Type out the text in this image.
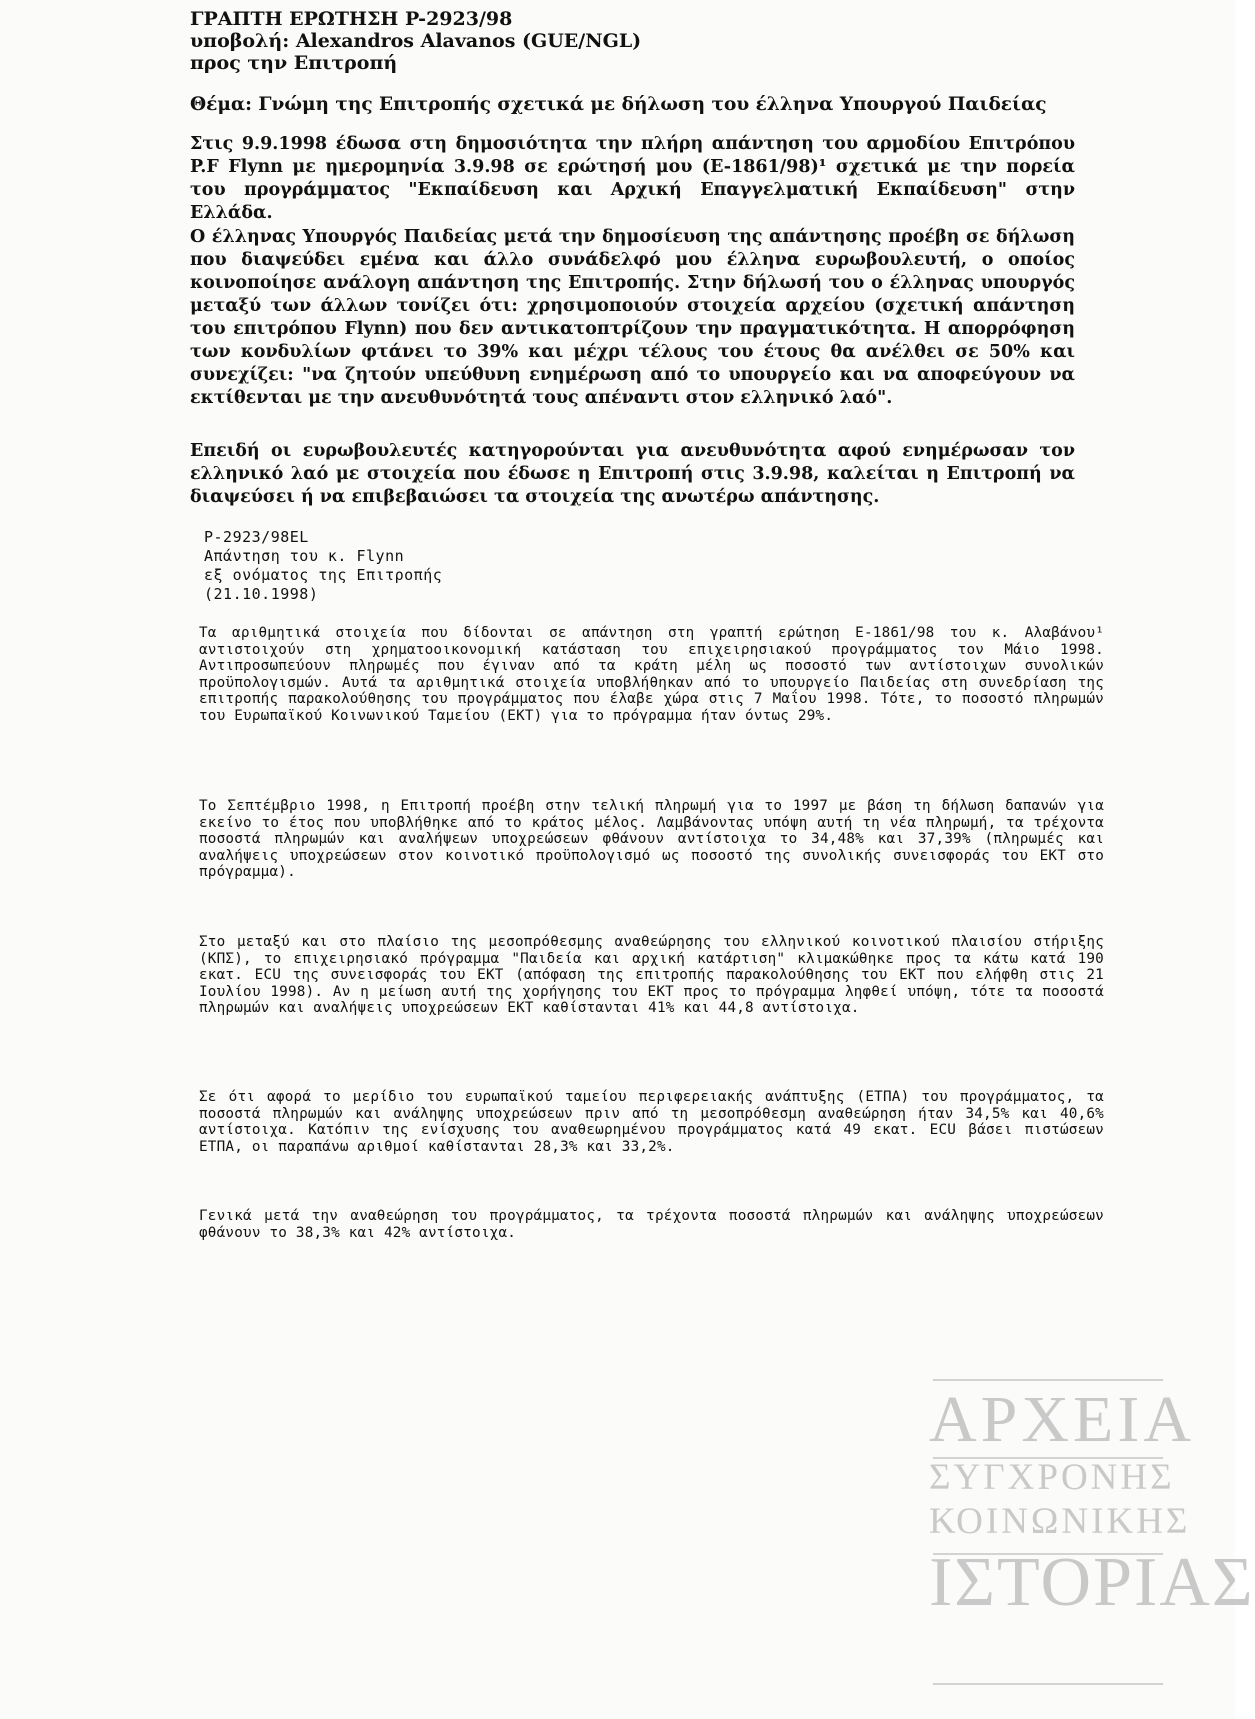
ΓΡΑΠΤΗ ΕΡΩΤΗΣΗ P-2923/98
υποβολή: Alexandros Alavanos (GUE/NGL)
προς την Επιτροπή
Θέμα: Γνώμη της Επιτροπής σχετικά με δήλωση του έλληνα Υπουργού Παιδείας

Στις 9.9.1998 έδωσα στη δημοσιότητα την πλήρη απάντηση του αρμοδίου Επιτρόπου P.F Flynn με ημερομηνία 3.9.98 σε ερώτησή μου (E-1861/98)¹ σχετικά με την πορεία του προγράμματος "Εκπαίδευση και Αρχική Επαγγελματική Εκπαίδευση" στην Ελλάδα.

Ο έλληνας Υπουργός Παιδείας μετά την δημοσίευση της απάντησης προέβη σε δήλωση που διαψεύδει εμένα και άλλο συνάδελφό μου έλληνα ευρωβουλευτή, ο οποίος κοινοποίησε ανάλογη απάντηση της Επιτροπής. Στην δήλωσή του ο έλληνας υπουργός μεταξύ των άλλων τονίζει ότι: χρησιμοποιούν στοιχεία αρχείου (σχετική απάντηση του επιτρόπου Flynn) που δεν αντικατοπτρίζουν την πραγματικότητα. Η απορρόφηση των κονδυλίων φτάνει το 39% και μέχρι τέλους του έτους θα ανέλθει σε 50% και συνεχίζει: "να ζητούν υπεύθυνη ενημέρωση από το υπουργείο και να αποφεύγουν να εκτίθενται με την ανευθυνότητά τους απέναντι στον ελληνικό λαό".

Επειδή οι ευρωβουλευτές κατηγορούνται για ανευθυνότητα αφού ενημέρωσαν τον ελληνικό λαό με στοιχεία που έδωσε η Επιτροπή στις 3.9.98, καλείται η Επιτροπή να διαψεύσει ή να επιβεβαιώσει τα στοιχεία της ανωτέρω απάντησης.

P-2923/98EL
Απάντηση του κ. Flynn
εξ ονόματος της Επιτροπής
(21.10.1998)

Τα αριθμητικά στοιχεία που δίδονται σε απάντηση στη γραπτή ερώτηση E-1861/98 του κ. Αλαβάνου¹ αντιστοιχούν στη χρηματοοικονομική κατάσταση του επιχειρησιακού προγράμματος τον Μάιο 1998. Αντιπροσωπεύουν πληρωμές που έγιναν από τα κράτη μέλη ως ποσοστό των αντίστοιχων συνολικών προϋπολογισμών. Αυτά τα αριθμητικά στοιχεία υποβλήθηκαν από το υπουργείο Παιδείας στη συνεδρίαση της επιτροπής παρακολούθησης του προγράμματος που έλαβε χώρα στις 7 Μαΐου 1998. Τότε, το ποσοστό πληρωμών του Ευρωπαϊκού Κοινωνικού Ταμείου (ΕΚΤ) για το πρόγραμμα ήταν όντως 29%.

Το Σεπτέμβριο 1998, η Επιτροπή προέβη στην τελική πληρωμή για το 1997 με βάση τη δήλωση δαπανών για εκείνο το έτος που υποβλήθηκε από το κράτος μέλος. Λαμβάνοντας υπόψη αυτή τη νέα πληρωμή, τα τρέχοντα ποσοστά πληρωμών και αναλήψεων υποχρεώσεων φθάνουν αντίστοιχα το 34,48% και 37,39% (πληρωμές και αναλήψεις υποχρεώσεων στον κοινοτικό προϋπολογισμό ως ποσοστό της συνολικής συνεισφοράς του ΕΚΤ στο πρόγραμμα).

Στο μεταξύ και στο πλαίσιο της μεσοπρόθεσμης αναθεώρησης του ελληνικού κοινοτικού πλαισίου στήριξης (ΚΠΣ), το επιχειρησιακό πρόγραμμα "Παιδεία και αρχική κατάρτιση" κλιμακώθηκε προς τα κάτω κατά 190 εκατ. ECU της συνεισφοράς του ΕΚΤ (απόφαση της επιτροπής παρακολούθησης του ΕΚΤ που ελήφθη στις 21 Ιουλίου 1998). Αν η μείωση αυτή της χορήγησης του ΕΚΤ προς το πρόγραμμα ληφθεί υπόψη, τότε τα ποσοστά πληρωμών και αναλήψεις υποχρεώσεων ΕΚΤ καθίστανται 41% και 44,8 αντίστοιχα.

Σε ότι αφορά το μερίδιο του ευρωπαϊκού ταμείου περιφερειακής ανάπτυξης (ΕΤΠΑ) του προγράμματος, τα ποσοστά πληρωμών και ανάληψης υποχρεώσεων πριν από τη μεσοπρόθεσμη αναθεώρηση ήταν 34,5% και 40,6% αντίστοιχα. Κατόπιν της ενίσχυσης του αναθεωρημένου προγράμματος κατά 49 εκατ. ECU βάσει πιστώσεων ΕΤΠΑ, οι παραπάνω αριθμοί καθίστανται 28,3% και 33,2%.

Γενικά μετά την αναθεώρηση του προγράμματος, τα τρέχοντα ποσοστά πληρωμών και ανάληψης υποχρεώσεων φθάνουν το 38,3% και 42% αντίστοιχα.

ΑΡΧΕΙΑ
ΣΥΓΧΡΟΝΗΣ
ΚΟΙΝΩΝΙΚΗΣ
ΙΣΤΟΡΙΑΣ
